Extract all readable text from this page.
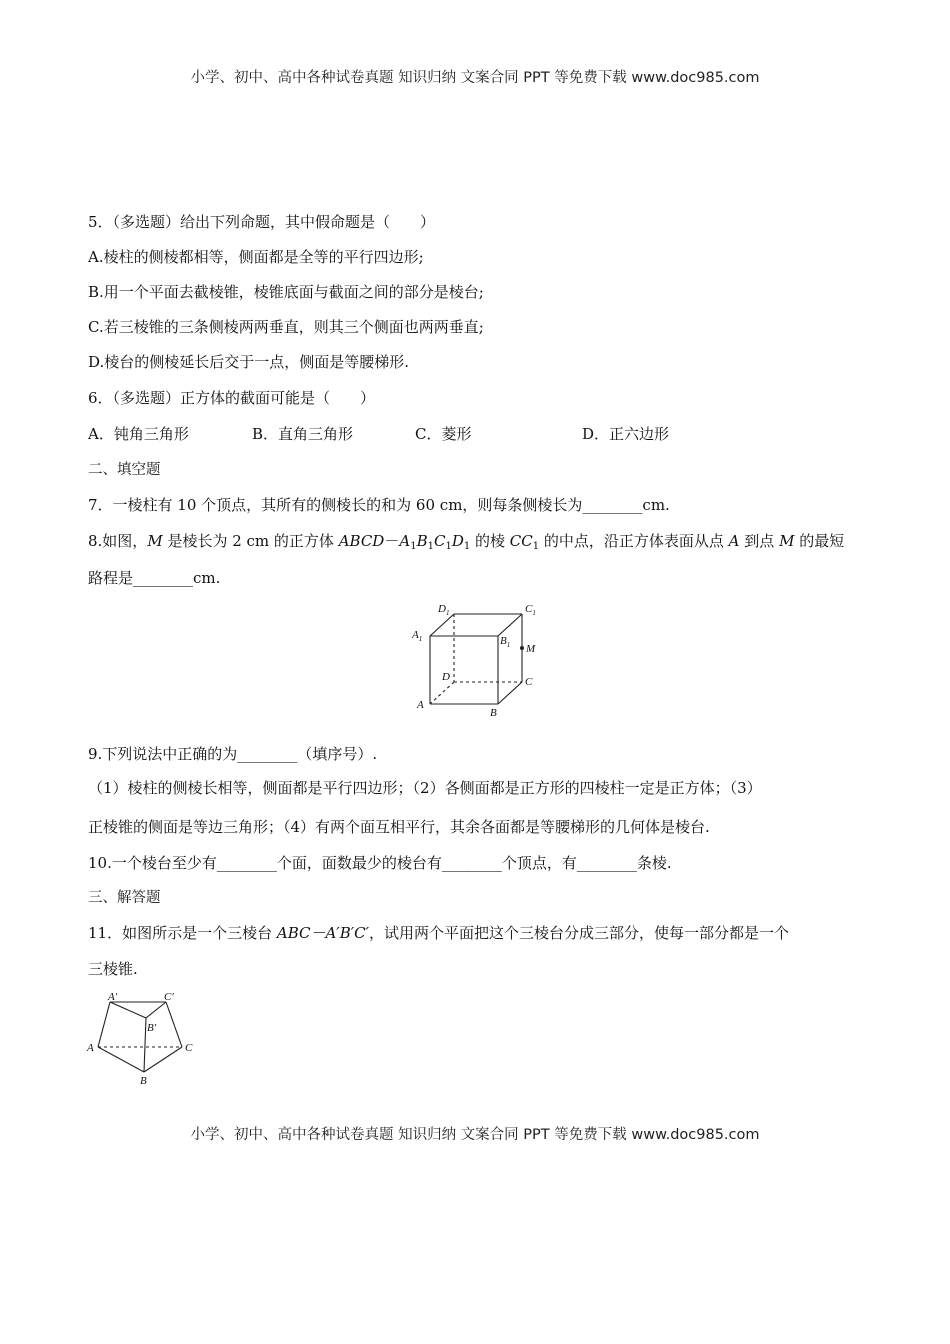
小学、初中、高中各种试卷真题 知识归纳 文案合同 PPT 等免费下载 www.doc985.com
5．（多选题）给出下列命题，其中假命题是（　　）
A.棱柱的侧棱都相等，侧面都是全等的平行四边形;
B.用一个平面去截棱锥，棱锥底面与截面之间的部分是棱台;
C.若三棱锥的三条侧棱两两垂直，则其三个侧面也两两垂直;
D.棱台的侧棱延长后交于一点，侧面是等腰梯形.
6．（多选题）正方体的截面可能是（　　）
A．钝角三角形	B．直角三角形	C．菱形	D．正六边形
二、填空题
7．一棱柱有 10 个顶点，其所有的侧棱长的和为 60 cm，则每条侧棱长为________cm.
8.如图，M 是棱长为 2 cm 的正方体 $ABCD-A_1B_1C_1D_1$ 的棱 $CC_1$ 的中点，沿正方体表面从点 A 到点 M 的最短
路程是________cm.
$D_1$	$C_1$
$A_1$	$B_1$ M
D	C
A
B
9.下列说法中正确的为________（填序号）.
（1）棱柱的侧棱长相等，侧面都是平行四边形；（2）各侧面都是正方形的四棱柱一定是正方体；（3）
正棱锥的侧面是等边三角形；（4）有两个面互相平行，其余各面都是等腰梯形的几何体是棱台.
10.一个棱台至少有________个面，面数最少的棱台有________个顶点，有________条棱.
三、解答题
11．如图所示是一个三棱台 ABC－A′B′C′，试用两个平面把这个三棱台分成三部分，使每一部分都是一个
三棱锥.
A′	C′
B′
A	C
B
小学、初中、高中各种试卷真题 知识归纳 文案合同 PPT 等免费下载 www.doc985.com
